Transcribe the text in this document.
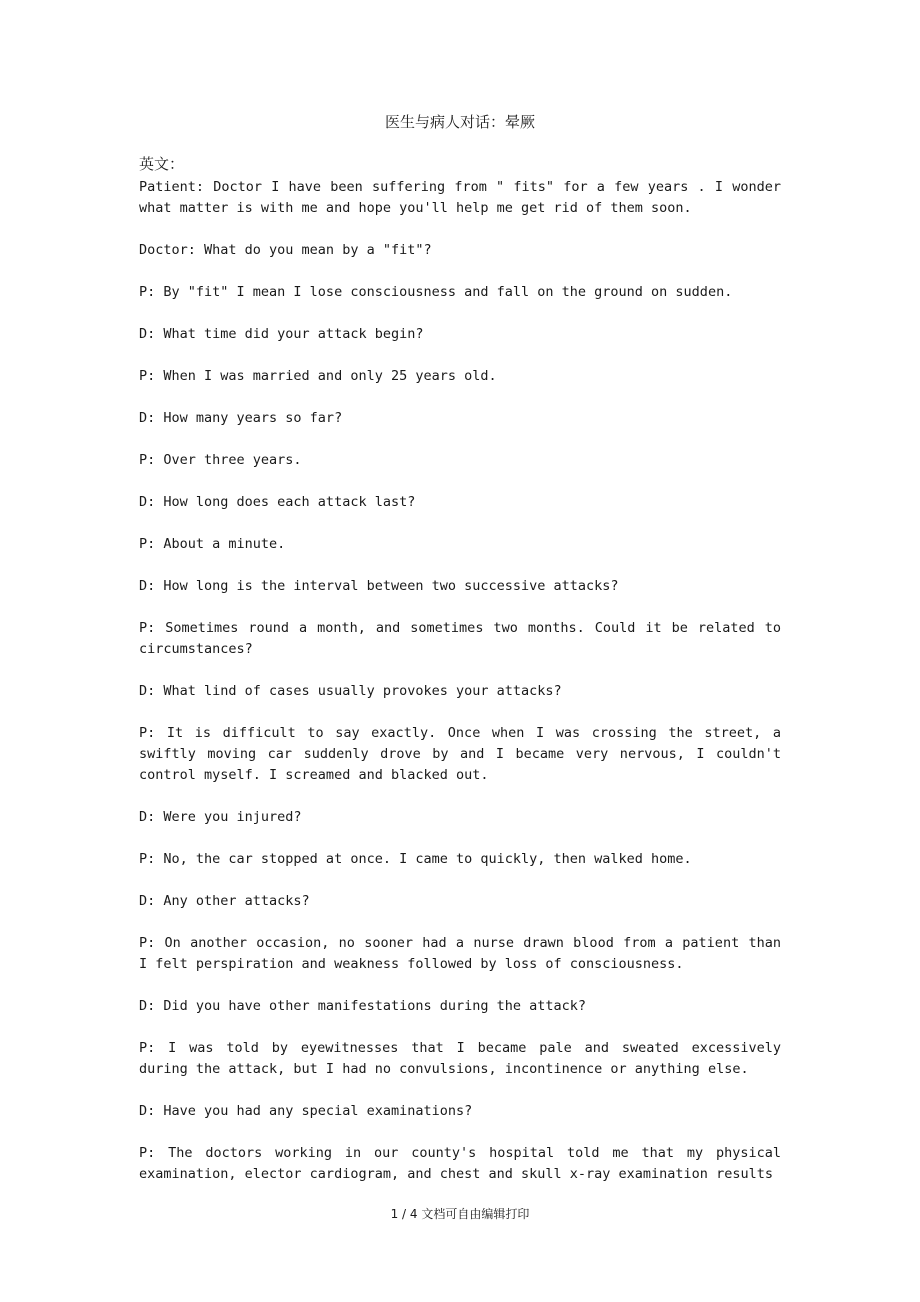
医生与病人对话：晕厥
英文：

Patient: Doctor I have been suffering from " fits" for a few years . I wonder what matter is with me and hope you'll help me get rid of them soon.

Doctor: What do you mean by a "fit"?

P: By "fit" I mean I lose consciousness and fall on the ground on sudden.

D: What time did your attack begin?

P: When I was married and only 25 years old.

D: How many years so far?

P: Over three years.

D: How long does each attack last?

P: About a minute.

D: How long is the interval between two successive attacks?

P: Sometimes round a month, and sometimes two months. Could it be related to circumstances?

D: What lind of cases usually provokes your attacks?

P: It is difficult to say exactly. Once when I was crossing the street, a swiftly moving car suddenly drove by and I became very nervous, I couldn't control myself. I screamed and blacked out.

D: Were you injured?

P: No, the car stopped at once. I came to quickly, then walked home.

D: Any other attacks?

P: On another occasion, no sooner had a nurse drawn blood from a patient than I felt perspiration and weakness followed by loss of consciousness.

D: Did you have other manifestations during the attack?

P: I was told by eyewitnesses that I became pale and sweated excessively during the attack, but I had no convulsions, incontinence or anything else.

D: Have you had any special examinations?

P: The doctors working in our county's hospital told me that my physical examination, elector cardiogram, and chest and skull x-ray examination results

1 / 4 文档可自由编辑打印
